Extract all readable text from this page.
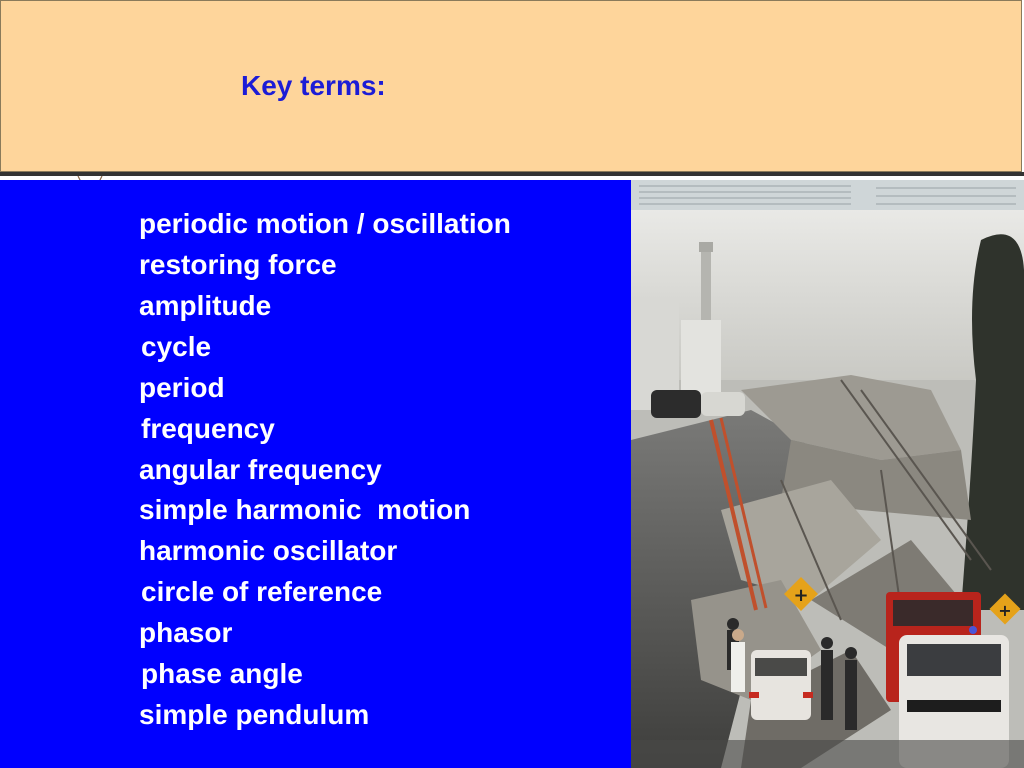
Key terms:
periodic motion / oscillation
restoring force
amplitude
cycle
period
frequency
angular frequency
simple harmonic  motion
harmonic oscillator
circle of reference
phasor
phase angle
simple pendulum
+
+
